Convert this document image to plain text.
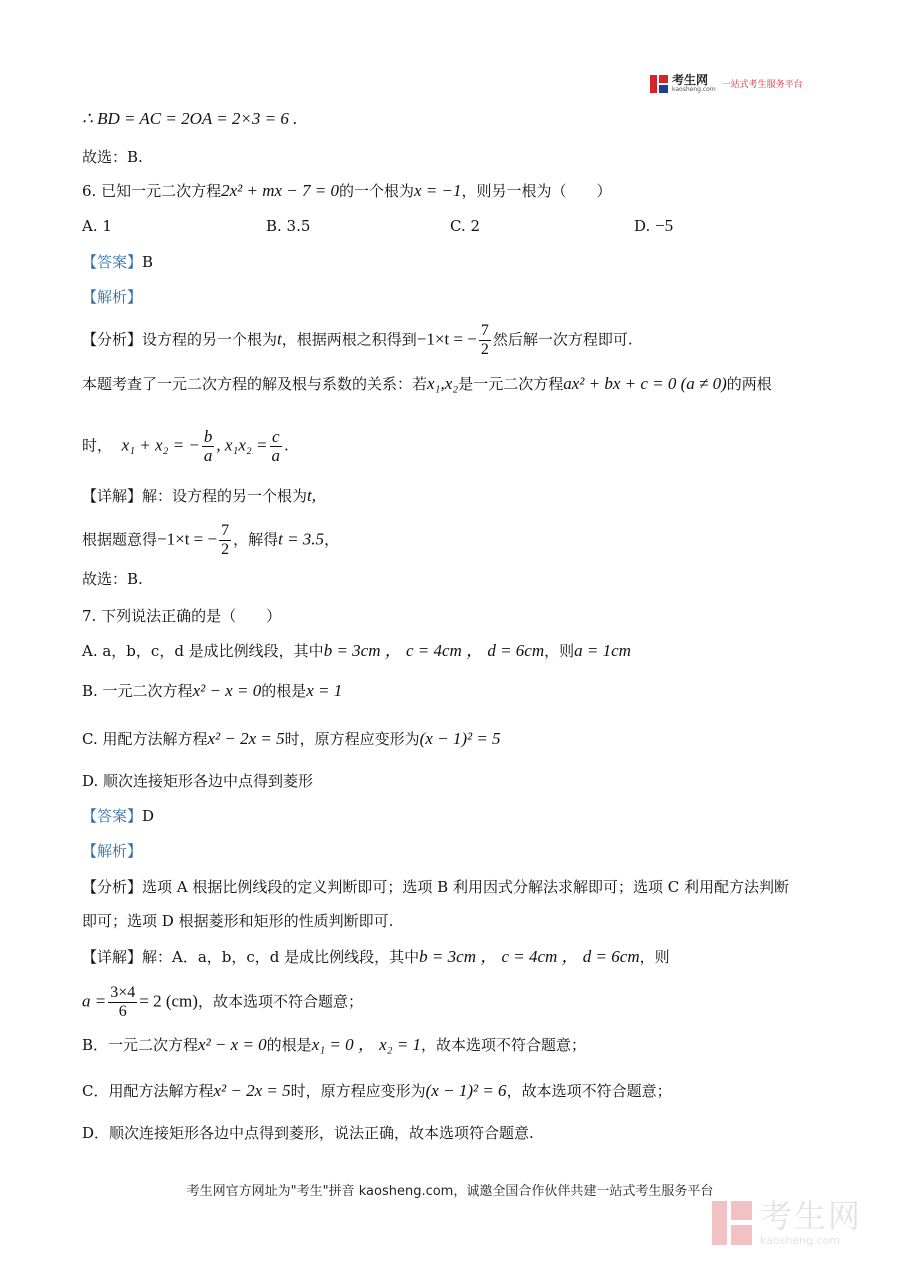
考生网
kaosheng.com 一站式考生服务平台
∴ BD = AC = 2OA = 2×3 = 6 .
故选：B.
6. 已知一元二次方程2x² + mx − 7 = 0的一个根为x = −1，则另一根为（　　）
A. 1	B. 3.5	C. 2	D. −5
【答案】B
【解析】
【分析】设方程的另一个根为t，根据两根之积得到−1×t = − $\frac{7}{2}$ 然后解一次方程即可.
本题考查了一元二次方程的解及根与系数的关系：若x₁,x₂是一元二次方程ax² + bx + c = 0 (a ≠ 0)的两根
时， x₁ + x₂ = − $\frac{b}{a}$ , $x_1x_2 = \frac{c}{a}$ .
【详解】解：设方程的另一个根为t,
根据题意得−1×t = − $\frac{7}{2}$ ，解得t = 3.5，
故选：B.
7. 下列说法正确的是（　　）
A. a，b，c，d 是成比例线段，其中b = 3cm ， c = 4cm ， d = 6cm，则a = 1cm
B. 一元二次方程x² − x = 0的根是x = 1
C. 用配方法解方程x² − 2x = 5时，原方程应变形为(x − 1)² = 5
D. 顺次连接矩形各边中点得到菱形
【答案】D
【解析】
【分析】选项 A 根据比例线段的定义判断即可；选项 B 利用因式分解法求解即可；选项 C 利用配方法判断
即可；选项 D 根据菱形和矩形的性质判断即可.
【详解】解：A．a，b，c，d 是成比例线段，其中b = 3cm ， c = 4cm ， d = 6cm，则
$a = \frac{3\times 4}{6} = 2$ (cm)，故本选项不符合题意；
B．一元二次方程x² − x = 0的根是x₁ = 0 ， x₂ = 1，故本选项不符合题意；
C．用配方法解方程x² − 2x = 5时，原方程应变形为(x − 1)² = 6，故本选项不符合题意；
D．顺次连接矩形各边中点得到菱形，说法正确，故本选项符合题意.
考生网官方网址为"考生"拼音 kaosheng.com，诚邀全国合作伙伴共建一站式考生服务平台
考生网
kaosheng.com
